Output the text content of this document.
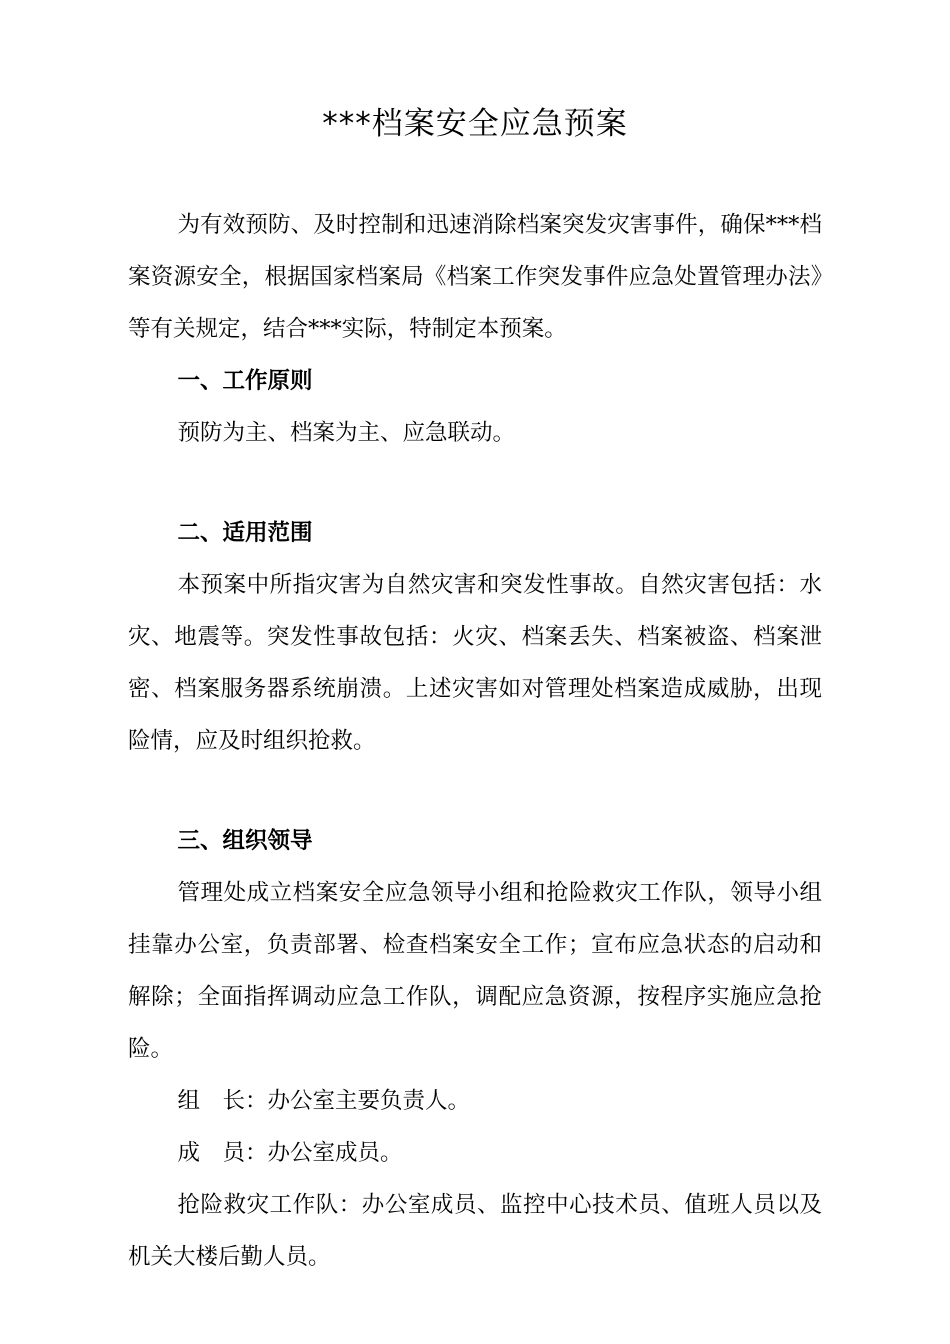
***档案安全应急预案

为有效预防、及时控制和迅速消除档案突发灾害事件，确保***档案资源安全，根据国家档案局《档案工作突发事件应急处置管理办法》等有关规定，结合***实际，特制定本预案。

一、工作原则

预防为主、档案为主、应急联动。

二、适用范围

本预案中所指灾害为自然灾害和突发性事故。自然灾害包括：水灾、地震等。突发性事故包括：火灾、档案丢失、档案被盗、档案泄密、档案服务器系统崩溃。上述灾害如对管理处档案造成威胁，出现险情，应及时组织抢救。

三、组织领导

管理处成立档案安全应急领导小组和抢险救灾工作队，领导小组挂靠办公室，负责部署、检查档案安全工作；宣布应急状态的启动和解除；全面指挥调动应急工作队，调配应急资源，按程序实施应急抢险。

组　长：办公室主要负责人。

成　员：办公室成员。

抢险救灾工作队：办公室成员、监控中心技术员、值班人员以及机关大楼后勤人员。
